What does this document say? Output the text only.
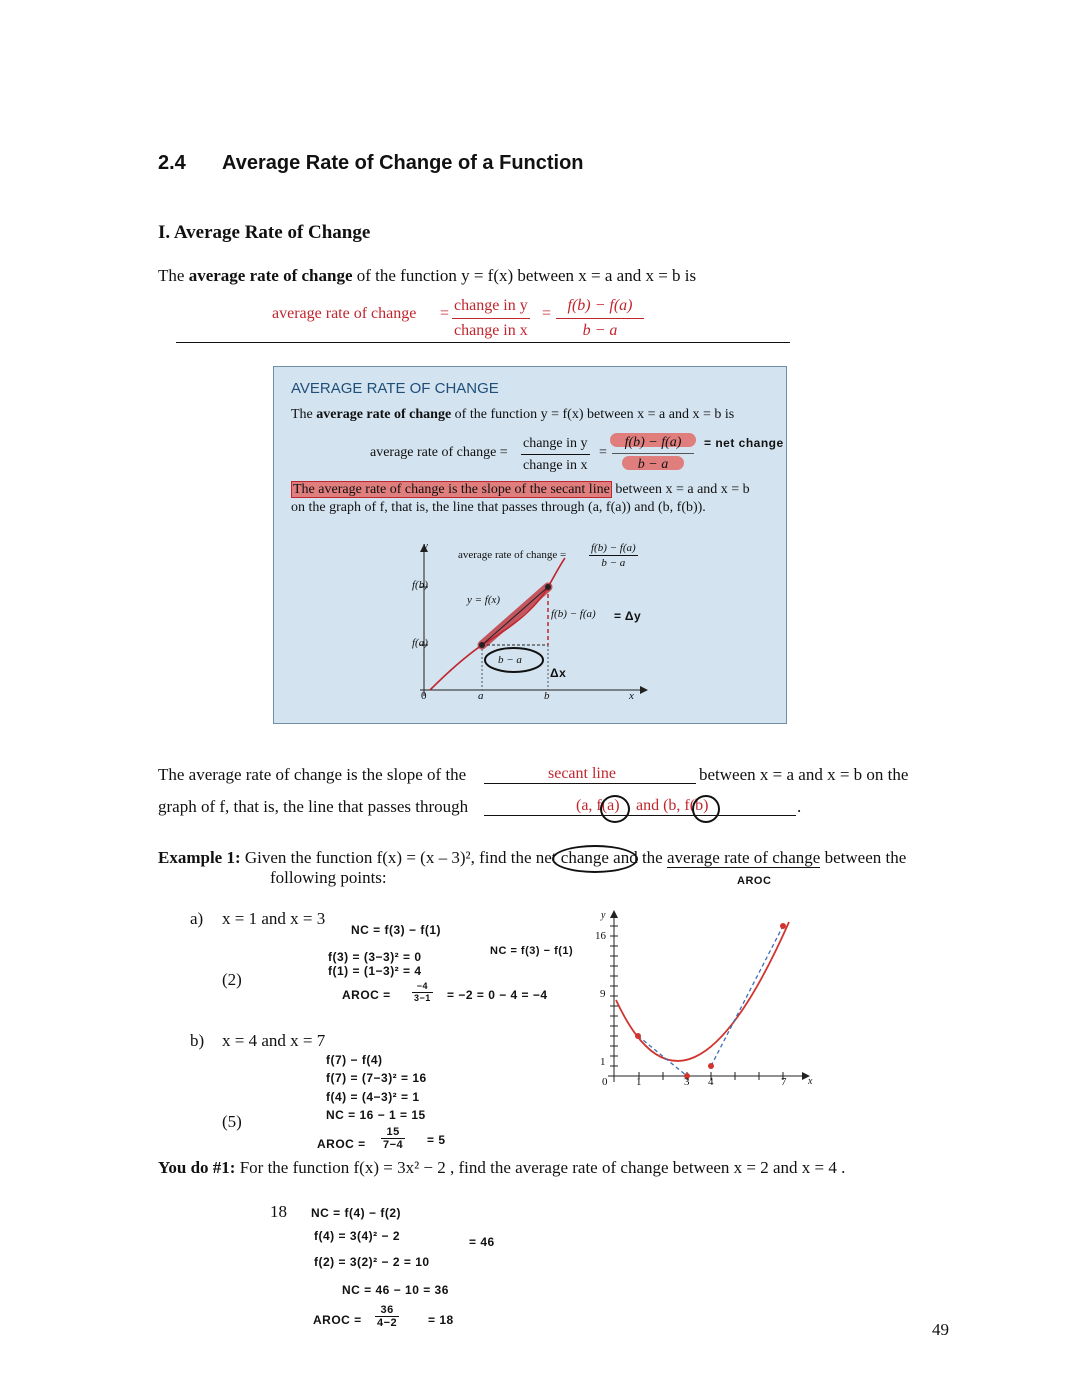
2.4 Average Rate of Change of a Function
I. Average Rate of Change
The average rate of change of the function y = f(x) between x = a and x = b is
average rate of change = change in y
change in x
= $\frac{f(b) - f(a)}{b - a}$
AVERAGE RATE OF CHANGE
The average rate of change of the function y = f(x) between x = a and x = b is
average rate of change =
change in y
change in x
= $\frac{f(b) - f(a)}{b - a}$ = net change
The average rate of change is the slope of the secant line between x = a and x = b
on the graph of f, that is, the line that passes through (a, f(a)) and (b, f(b)).
y
f(b)
f(a)
0	a	b	x
y = f(x)
average rate of change = $\frac{f(b) - f(a)}{b - a}$
f(b) − f(a) = Δy
b − a
Δx
The average rate of change is the slope of the	secant line	between x = a and x = b on the
graph of f, that is, the line that passes through	(a, f(a) and (b, f(b)	.
Example 1: Given the function f(x) = (x – 3)², find the net change and the average rate of change between the
following points:	AROC
a) x = 1 and x = 3
(2)
NC = f(3) − f(1)
f(3) = (3−3)² = 0
f(1) = (1−3)² = 4
AROC = $\frac{-4}{3-1} = -2 = 0 - 4 = -4$
NC = f(3) − f(1)
b) x = 4 and x = 7
(5)
f(7) − f(4)
f(7) = (7−3)² = 16
f(4) = (4−3)² = 1
NC = 16 − 1 = 15
AROC = $\frac{15}{7-4} = 5$
y
16
9
1
0	1	3 4	7 x
You do #1: For the function f(x) = 3x² − 2 , find the average rate of change between x = 2 and x = 4 .
18 NC = f(4) − f(2)
f(4) = 3(4)² − 2	= 46
f(2) = 3(2)² − 2 = 10
NC = 46 − 10 = 36
AROC = $\frac{36}{4-2} = 18$	49
